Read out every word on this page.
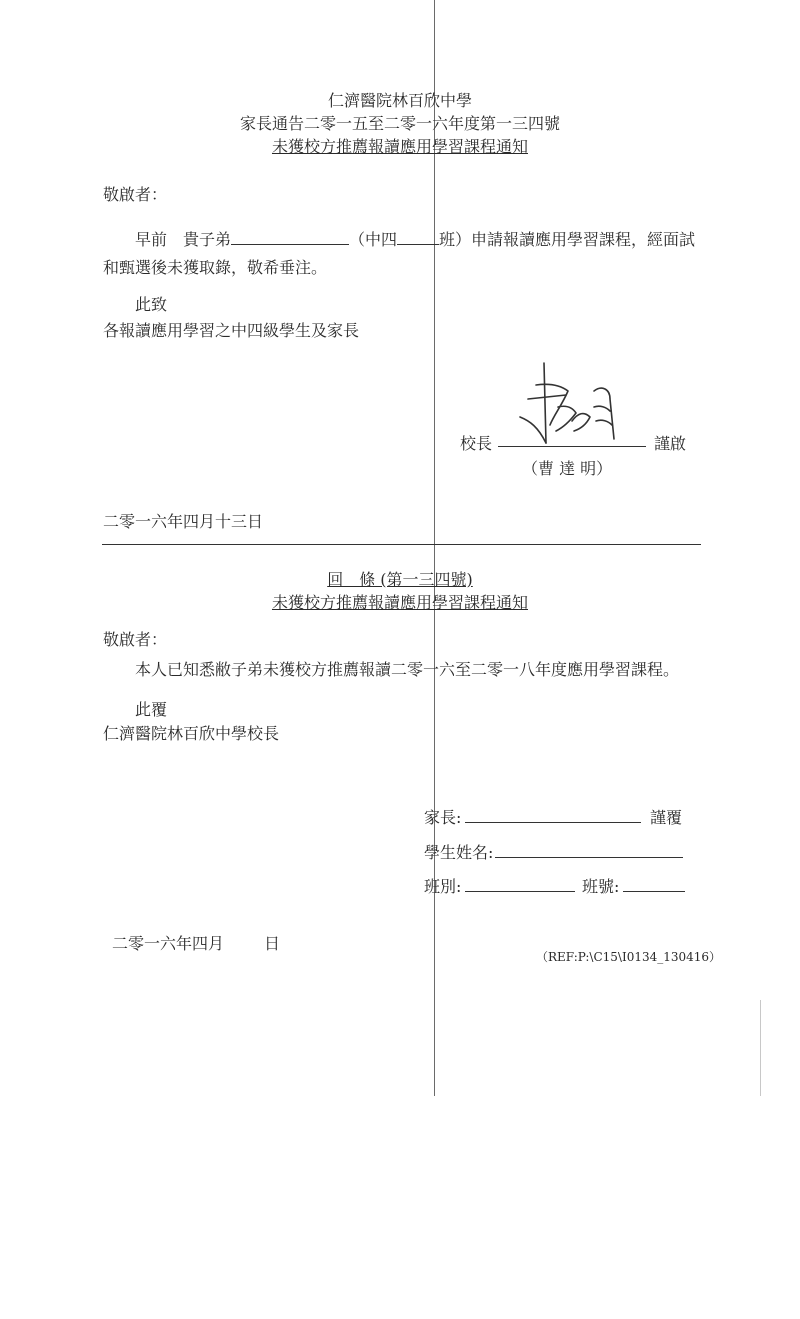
仁濟醫院林百欣中學
家長通告二零一五至二零一六年度第一三四號
未獲校方推薦報讀應用學習課程通知
敬啟者：
早前　貴子弟	（中四	班）申請報讀應用學習課程，經面試
和甄選後未獲取錄，敬希垂注。
此致
各報讀應用學習之中四級學生及家長
校長	謹啟
（曹 達 明）
二零一六年四月十三日
回　條 (第一三四號)
未獲校方推薦報讀應用學習課程通知
敬啟者：
本人已知悉敝子弟未獲校方推薦報讀二零一六至二零一八年度應用學習課程。
此覆
仁濟醫院林百欣中學校長
家長:	謹覆
學生姓名:
班別:	班號:
二零一六年四月	日
（REF:P:\C15\I0134_130416）
